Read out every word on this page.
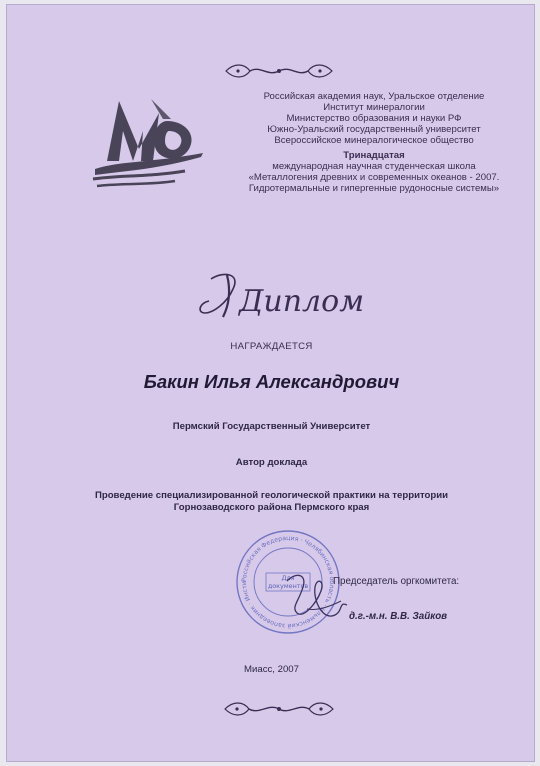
Российская академия наук, Уральское отделение
Институт минералогии
Министерство образования и науки РФ
Южно-Уральский государственный университет
Всероссийское минералогическое общество
Тринадцатая
международная научная студенческая школа
«Металлогения древних и современных океанов - 2007.
Гидротермальные и гипергенные рудоносные системы»
Диплом
НАГРАЖДАЕТСЯ
Бакин Илья Александрович
Пермский Государственный Университет
Автор доклада
Проведение специализированной геологической практики на территории
Горнозаводского района Пермского края
Российская Федерация · Челябинская область · Ильменский заповедник · Инсти
Для документов	Председатель оргкомитета:
д.г.-м.н. В.В. Зайков
Миасс, 2007
